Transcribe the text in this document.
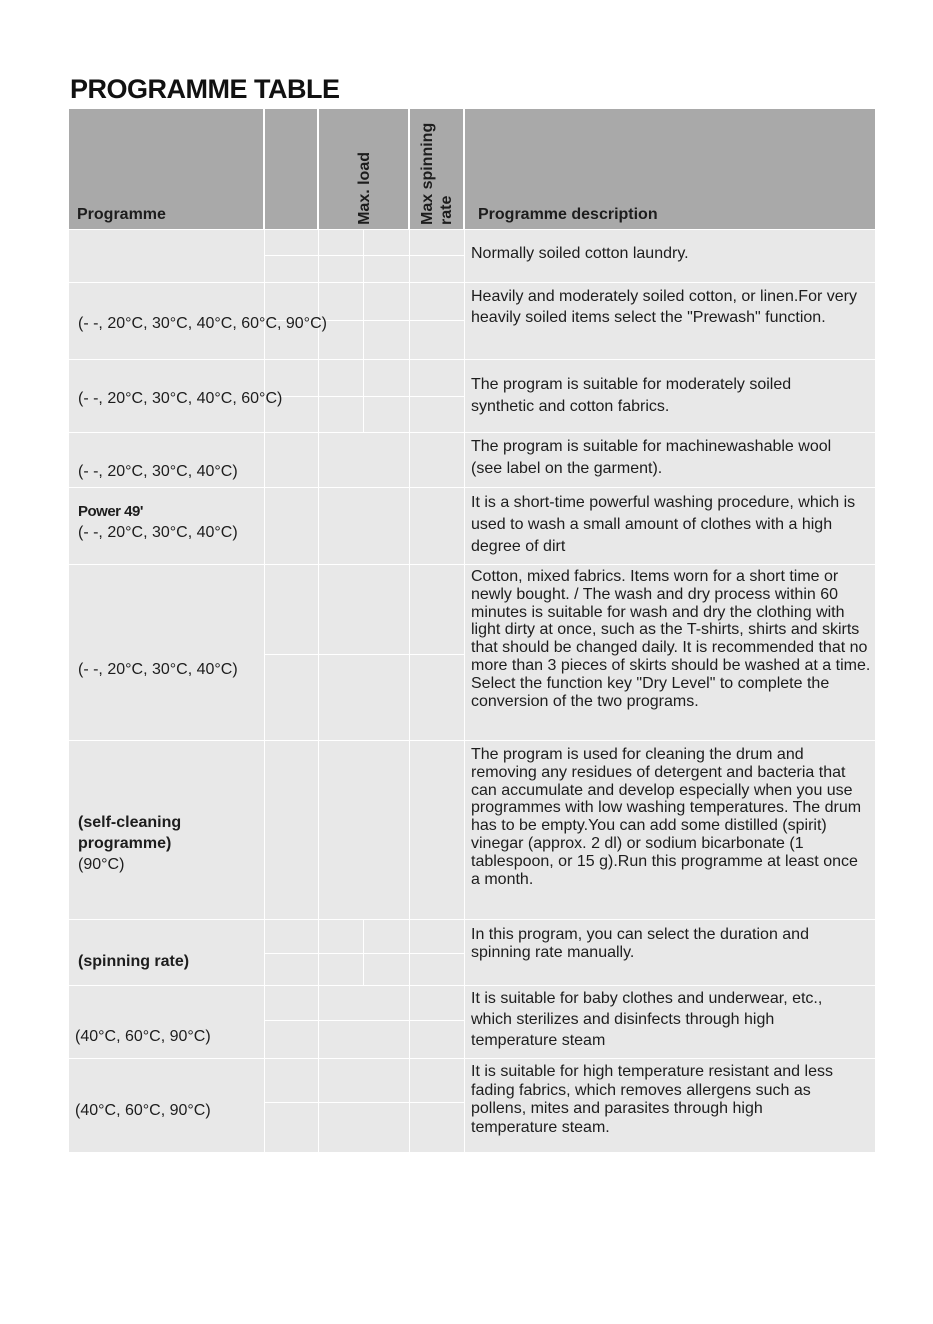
PROGRAMME TABLE
Programme	Max. load	Max spinning rate Programme description
(- -, 20°C, 30°C, 40°C, 60°C, 90°C)
(- -, 20°C, 30°C, 40°C, 60°C)
(- -, 20°C, 30°C, 40°C)
Power 49'
(- -, 20°C, 30°C, 40°C)
(- -, 20°C, 30°C, 40°C)
(self-cleaning programme)
(90°C)
(spinning rate)
(40°C, 60°C, 90°C)
(40°C, 60°C, 90°C)
Normally soiled cotton laundry.
Heavily and moderately soiled cotton, or linen.For very heavily soiled items select the "Prewash" function.
The program is suitable for moderately soiled synthetic and cotton fabrics.
The program is suitable for machinewashable wool (see label on the garment).
It is a short-time powerful washing procedure, which is used to wash a small amount of clothes with a high degree of dirt
Cotton, mixed fabrics. Items worn for a short time or newly bought. / The wash and dry process within 60 minutes is suitable for wash and dry the clothing with light dirty at once, such as the T-shirts, shirts and skirts that should be changed daily. It is recommended that no more than 3 pieces of skirts should be washed at a time. Select the function key "Dry Level" to complete the conversion of the two programs.
The program is used for cleaning the drum and removing any residues of detergent and bacteria that can accumulate and develop especially when you use programmes with low washing temperatures. The drum has to be empty.You can add some distilled (spirit) vinegar (approx. 2 dl) or sodium bicarbonate (1 tablespoon, or 15 g).Run this programme at least once a month.
In this program, you can select the duration and spinning rate manually.
It is suitable for baby clothes and underwear, etc., which sterilizes and disinfects through high temperature steam
It is suitable for high temperature resistant and less fading fabrics, which removes allergens such as pollens, mites and parasites through high temperature steam.
